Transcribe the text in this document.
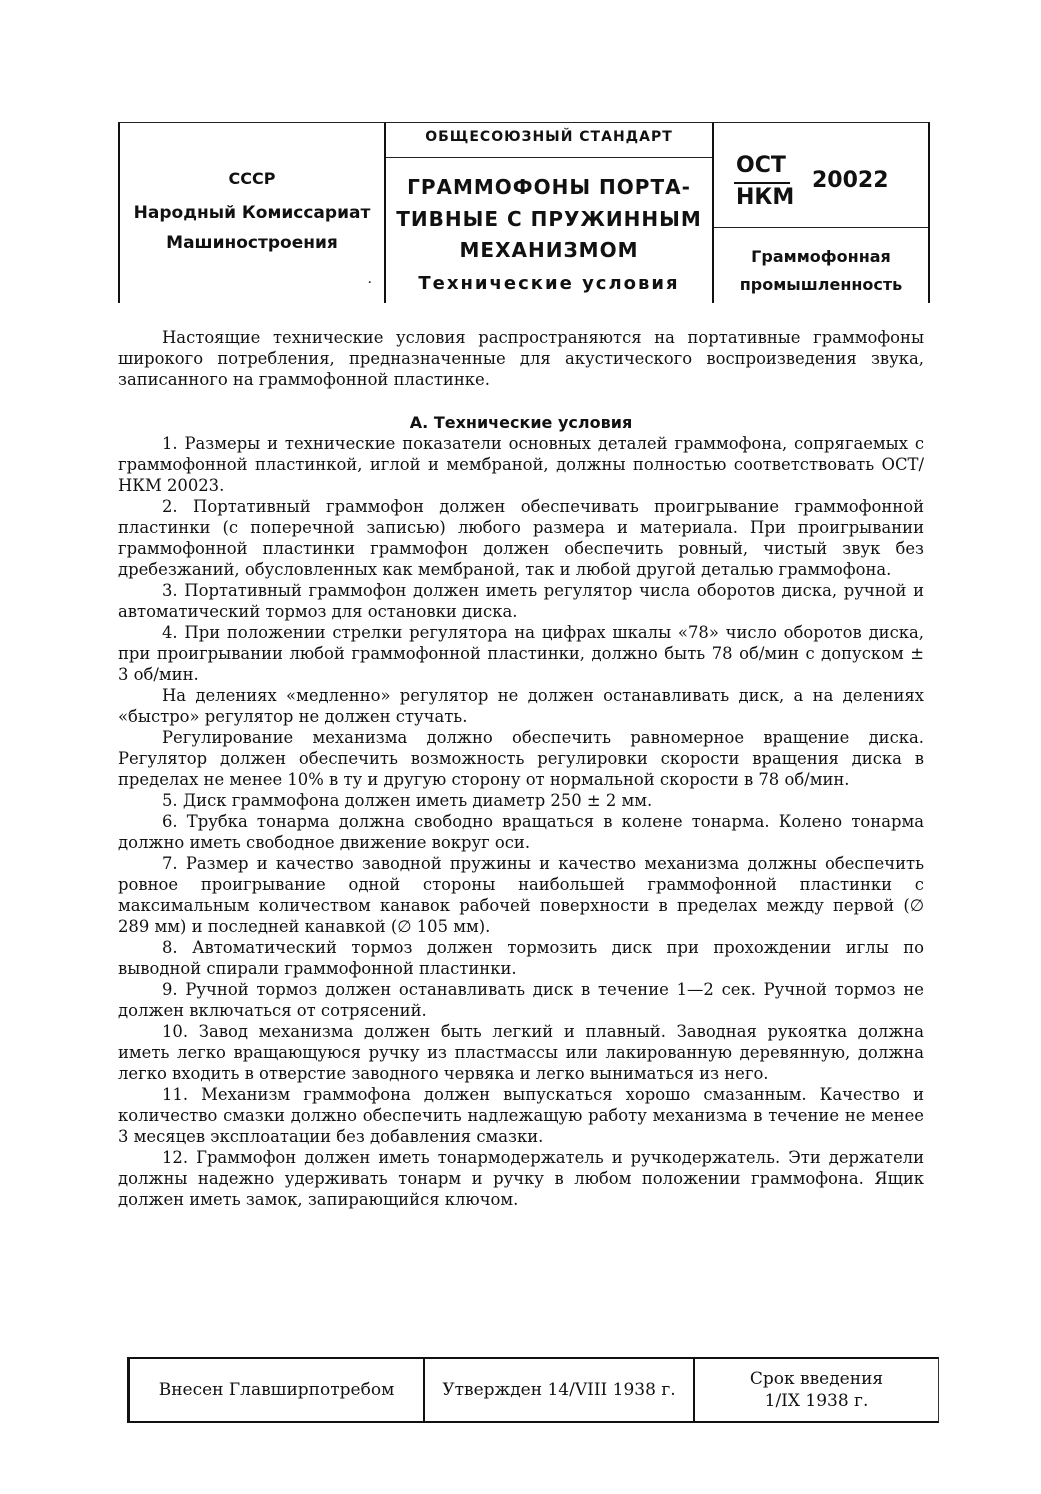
СССР
Народный Комиссариат
Машиностроения
.
ОБЩЕСОЮЗНЫЙ СТАНДАРТ
ГРАММОФОНЫ ПОРТА-
ТИВНЫЕ С ПРУЖИННЫМ
МЕХАНИЗМОМ
Технические условия
ОСТ
НКМ
20022
Граммофонная
промышленность

Настоящие технические условия распространяются на портативные граммофоны широкого потребления, предназначенные для акустического воспроизведения звука, записанного на граммофонной пластинке.

А. Технические условия

1. Размеры и технические показатели основных деталей граммофона, сопрягаемых с граммофонной пластинкой, иглой и мембраной, должны полностью соответствовать ОСТ/НКМ 20023.

2. Портативный граммофон должен обеспечивать проигрывание граммофонной пластинки (с поперечной записью) любого размера и материала. При проигрывании граммофонной пластинки граммофон должен обеспечить ровный, чистый звук без дребезжаний, обусловленных как мембраной, так и любой другой деталью граммофона.

3. Портативный граммофон должен иметь регулятор числа оборотов диска, ручной и автоматический тормоз для остановки диска.

4. При положении стрелки регулятора на цифрах шкалы «78» число оборотов диска, при проигрывании любой граммофонной пластинки, должно быть 78 об/мин с допуском ± 3 об/мин.

На делениях «медленно» регулятор не должен останавливать диск, а на делениях «быстро» регулятор не должен стучать.

Регулирование механизма должно обеспечить равномерное вращение диска. Регулятор должен обеспечить возможность регулировки скорости вращения диска в пределах не менее 10% в ту и другую сторону от нормальной скорости в 78 об/мин.

5. Диск граммофона должен иметь диаметр 250 ± 2 мм.

6. Трубка тонарма должна свободно вращаться в колене тонарма. Колено тонарма должно иметь свободное движение вокруг оси.

7. Размер и качество заводной пружины и качество механизма должны обеспечить ровное проигрывание одной стороны наибольшей граммофонной пластинки с максимальным количеством канавок рабочей поверхности в пределах между первой (∅ 289 мм) и последней канавкой (∅ 105 мм).

8. Автоматический тормоз должен тормозить диск при прохождении иглы по выводной спирали граммофонной пластинки.

9. Ручной тормоз должен останавливать диск в течение 1—2 сек. Ручной тормоз не должен включаться от сотрясений.

10. Завод механизма должен быть легкий и плавный. Заводная рукоятка должна иметь легко вращающуюся ручку из пластмассы или лакированную деревянную, должна легко входить в отверстие заводного червяка и легко выниматься из него.

11. Механизм граммофона должен выпускаться хорошо смазанным. Качество и количество смазки должно обеспечить надлежащую работу механизма в течение не менее 3 месяцев эксплоатации без добавления смазки.

12. Граммофон должен иметь тонармодержатель и ручкодержатель. Эти держатели должны надежно удерживать тонарм и ручку в любом положении граммофона. Ящик должен иметь замок, запирающийся ключом.

Внесен Главширпотребом	Утвержден 14/VIII 1938 г.
Срок введения
1/IX 1938 г.
